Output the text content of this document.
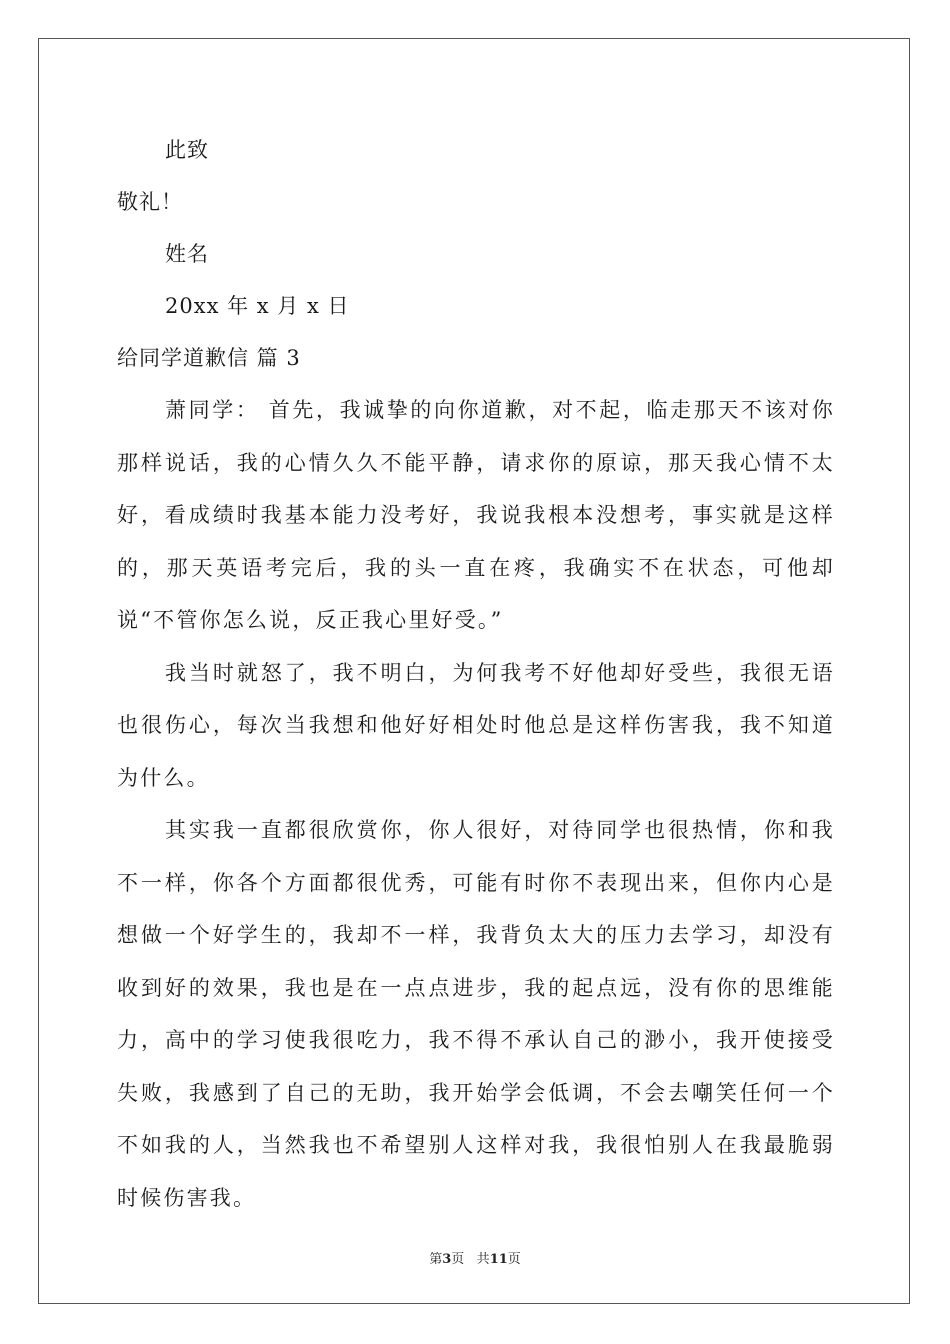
此致
敬礼！
姓名
20xx 年 x 月 x 日
给同学道歉信 篇 3

萧同学： 首先，我诚挚的向你道歉，对不起，临走那天不该对你那样说话，我的心情久久不能平静，请求你的原谅，那天我心情不太好，看成绩时我基本能力没考好，我说我根本没想考，事实就是这样的，那天英语考完后，我的头一直在疼，我确实不在状态，可他却说“不管你怎么说，反正我心里好受。”

我当时就怒了，我不明白，为何我考不好他却好受些，我很无语也很伤心，每次当我想和他好好相处时他总是这样伤害我，我不知道为什么。

其实我一直都很欣赏你，你人很好，对待同学也很热情，你和我不一样，你各个方面都很优秀，可能有时你不表现出来，但你内心是想做一个好学生的，我却不一样，我背负太大的压力去学习，却没有收到好的效果，我也是在一点点进步，我的起点远，没有你的思维能力，高中的学习使我很吃力，我不得不承认自己的渺小，我开使接受失败，我感到了自己的无助，我开始学会低调，不会去嘲笑任何一个不如我的人，当然我也不希望别人这样对我，我很怕别人在我最脆弱时候伤害我。

第3页 共11页
